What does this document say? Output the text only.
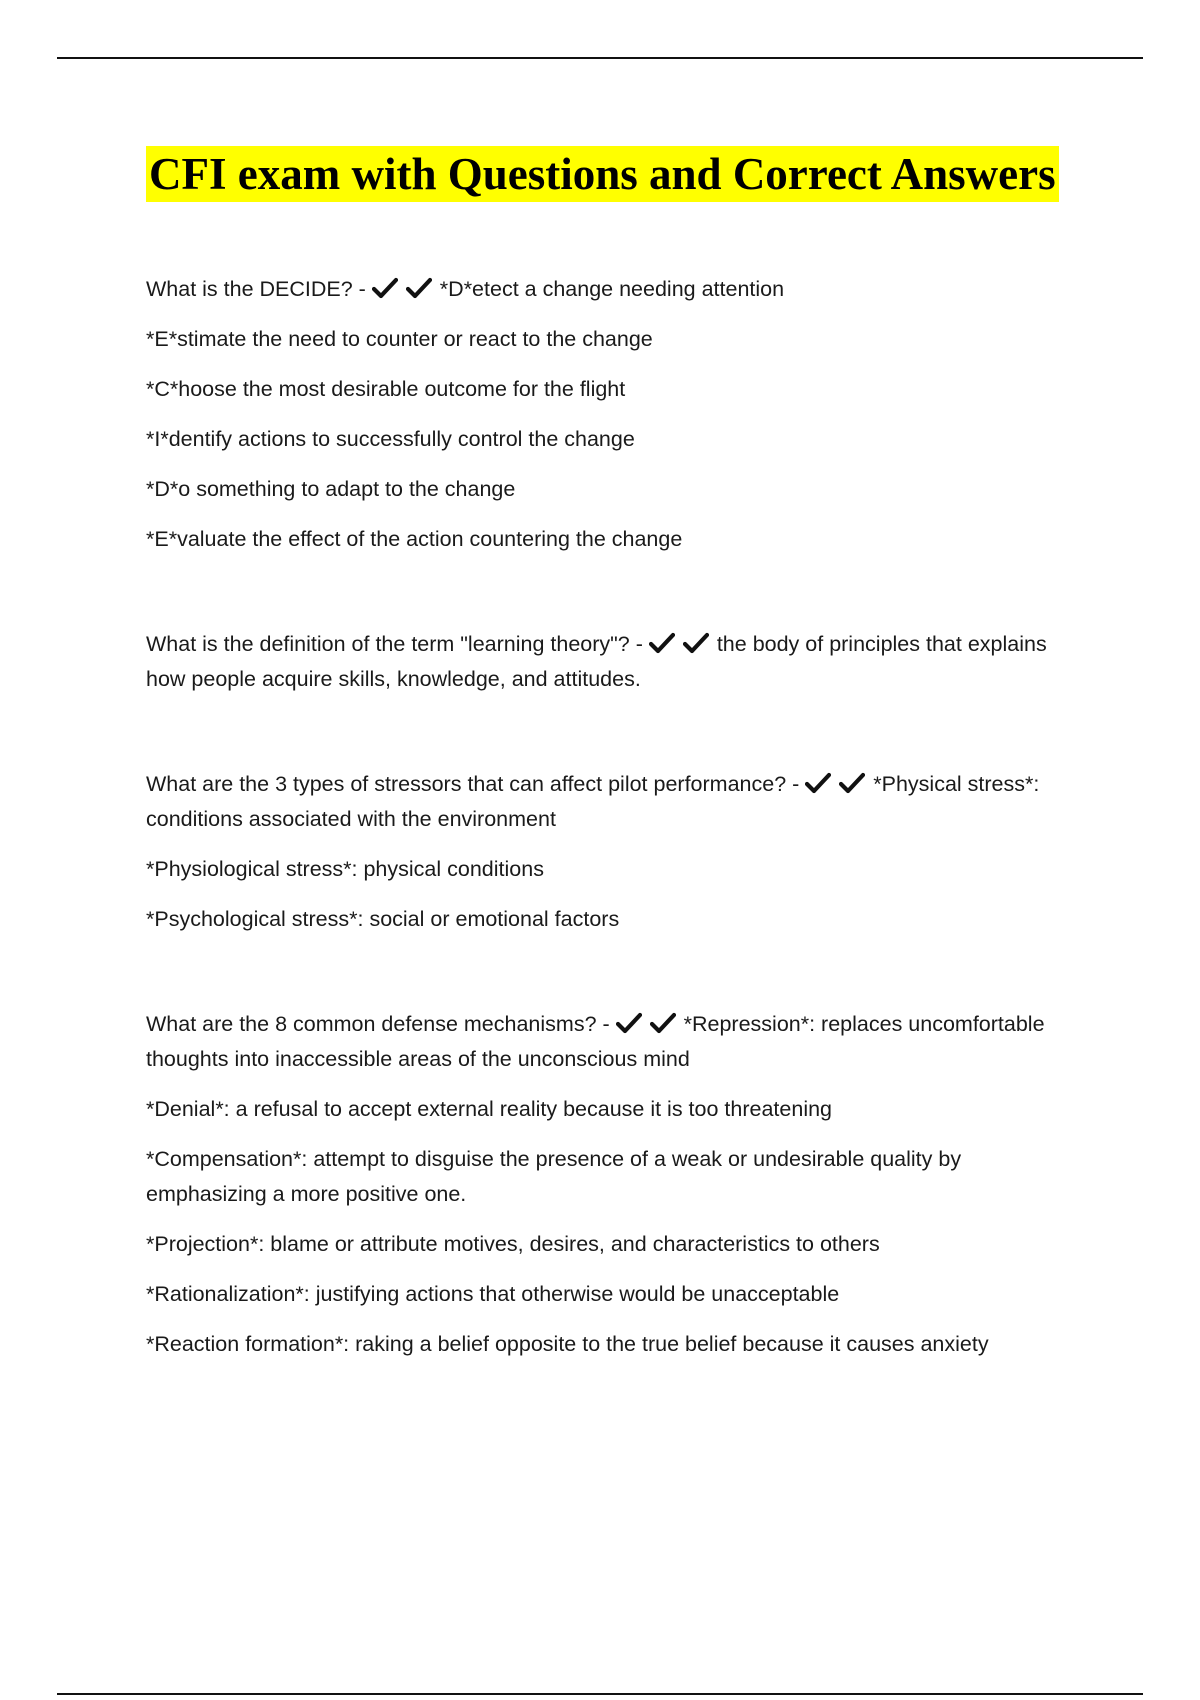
CFI exam with Questions and Correct Answers

What is the DECIDE? -
	*D*etect a change needing attention

*E*stimate the need to counter or react to the change

*C*hoose the most desirable outcome for the flight

*I*dentify actions to successfully control the change

*D*o something to adapt to the change

*E*valuate the effect of the action countering the change

What is the definition of the term "learning theory"? -
	the body of principles that explains how people acquire skills, knowledge, and attitudes.

What are the 3 types of stressors that can affect pilot performance? -
	*Physical stress*: conditions associated with the environment

*Physiological stress*: physical conditions

*Psychological stress*: social or emotional factors

What are the 8 common defense mechanisms? -
	*Repression*: replaces uncomfortable thoughts into inaccessible areas of the unconscious mind

*Denial*: a refusal to accept external reality because it is too threatening

*Compensation*: attempt to disguise the presence of a weak or undesirable quality by emphasizing a more positive one.

*Projection*: blame or attribute motives, desires, and characteristics to others

*Rationalization*: justifying actions that otherwise would be unacceptable

*Reaction formation*: raking a belief opposite to the true belief because it causes anxiety
